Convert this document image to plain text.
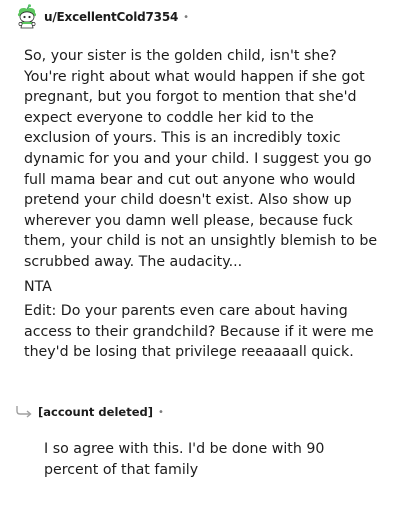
u/ExcellentCold7354 •

So, your sister is the golden child, isn't she? You're right about what would happen if she got pregnant, but you forgot to mention that she'd expect everyone to coddle her kid to the exclusion of yours. This is an incredibly toxic dynamic for you and your child. I suggest you go full mama bear and cut out anyone who would pretend your child doesn't exist. Also show up wherever you damn well please, because fuck them, your child is not an unsightly blemish to be scrubbed away. The audacity...

NTA

Edit: Do your parents even care about having access to their grandchild? Because if it were me they'd be losing that privilege reeaaaall quick.

[account deleted] •

I so agree with this. I'd be done with 90 percent of that family
